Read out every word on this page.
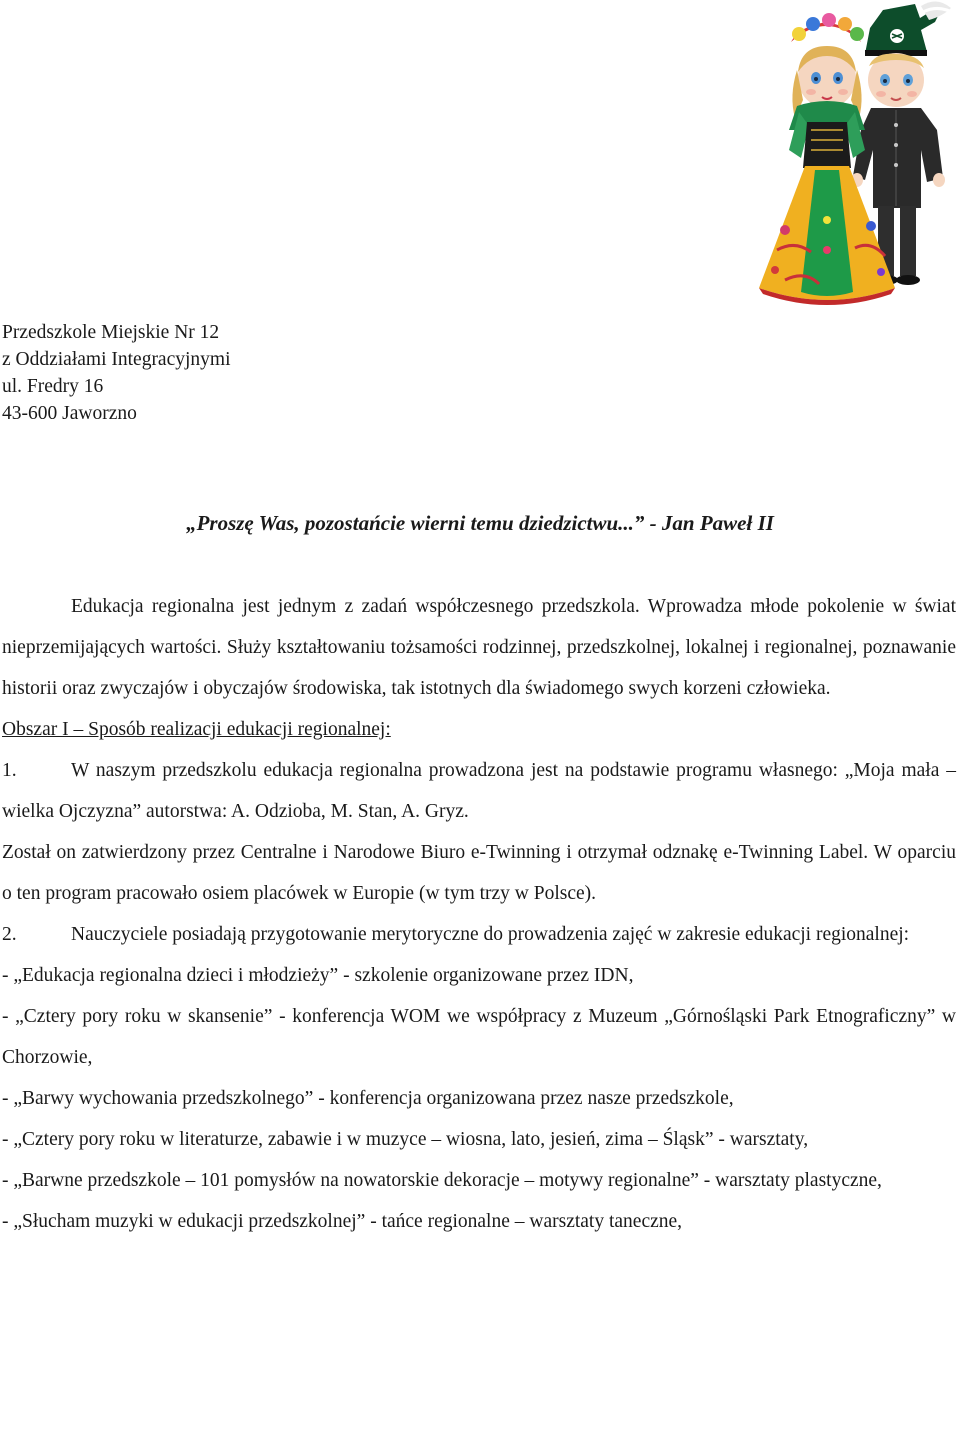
Przedszkole Miejskie Nr 12
z Oddziałami Integracyjnymi
ul. Fredry 16
43-600 Jaworzno
„Proszę Was, pozostańcie wierni temu dziedzictwu...” - Jan Paweł II

Edukacja regionalna jest jednym z zadań współczesnego przedszkola. Wprowadza młode pokolenie w świat nieprzemijających wartości. Służy kształtowaniu tożsamości rodzinnej, przedszkolnej, lokalnej i regionalnej, poznawanie historii oraz zwyczajów i obyczajów środowiska, tak istotnych dla świadomego swych korzeni człowieka.

Obszar I – Sposób realizacji edukacji regionalnej:

1.	W naszym przedszkolu edukacja regionalna prowadzona jest na podstawie programu własnego: „Moja mała – wielka Ojczyzna” autorstwa: A. Odzioba, M. Stan, A. Gryz.

Został on zatwierdzony przez Centralne i Narodowe Biuro e-Twinning i otrzymał odznakę e-Twinning Label. W oparciu o ten program pracowało osiem placówek w Europie (w tym trzy w Polsce).

2.	Nauczyciele posiadają przygotowanie merytoryczne do prowadzenia zajęć w zakresie edukacji regionalnej:

- „Edukacja regionalna dzieci i młodzieży” - szkolenie organizowane przez IDN,

- „Cztery pory roku w skansenie” - konferencja WOM we współpracy z Muzeum „Górnośląski Park Etnograficzny” w Chorzowie,

- „Barwy wychowania przedszkolnego” - konferencja organizowana przez nasze przedszkole,

- „Cztery pory roku w literaturze, zabawie i w muzyce – wiosna, lato, jesień, zima – Śląsk” - warsztaty,

- „Barwne przedszkole – 101 pomysłów na nowatorskie dekoracje – motywy regionalne” - warsztaty plastyczne,

- „Słucham muzyki w edukacji przedszkolnej” - tańce regionalne – warsztaty taneczne,
